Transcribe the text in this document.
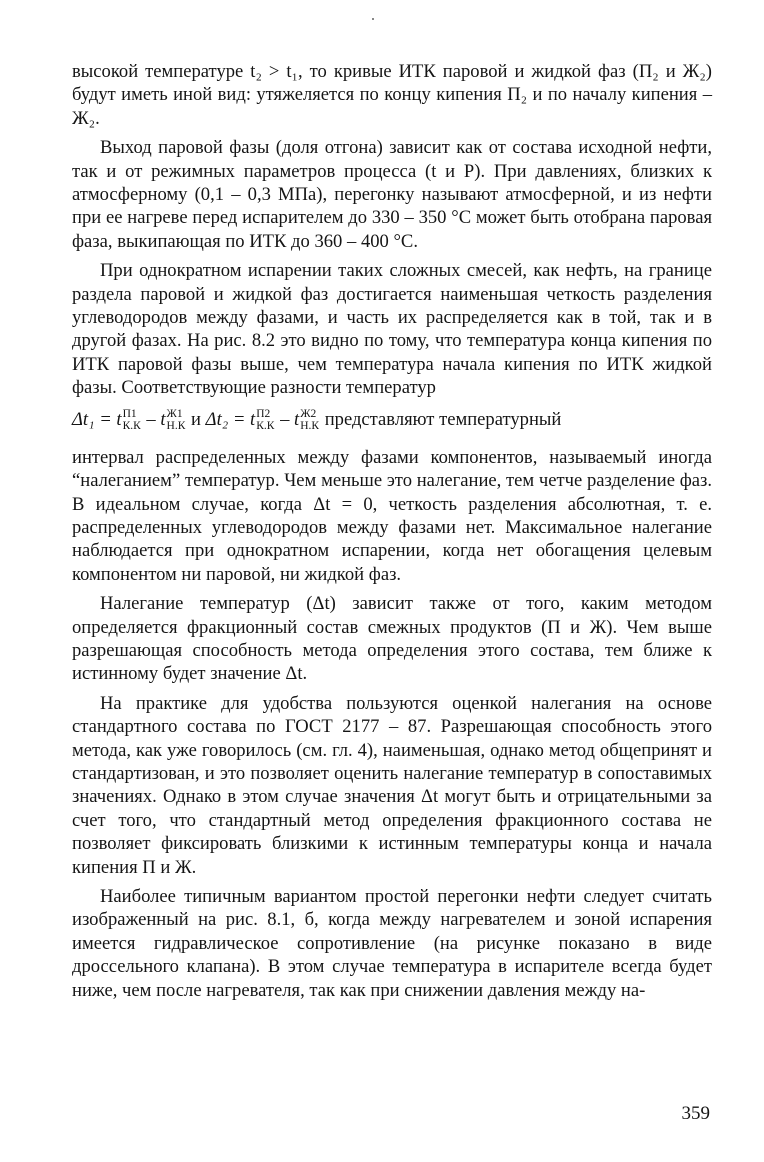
высокой температуре t₂ > t₁, то кривые ИТК паровой и жидкой фаз (П₂ и Ж₂) будут иметь иной вид: утяжеляется по концу кипения П₂ и по началу кипения – Ж₂.

Выход паровой фазы (доля отгона) зависит как от состава исходной нефти, так и от режимных параметров процесса (t и P). При давлениях, близких к атмосферному (0,1 – 0,3 МПа), перегонку называют атмосферной, и из нефти при ее нагреве перед испарителем до 330 – 350 °C может быть отобрана паровая фаза, выкипающая по ИТК до 360 – 400 °C.

При однократном испарении таких сложных смесей, как нефть, на границе раздела паровой и жидкой фаз достигается наименьшая четкость разделения углеводородов между фазами, и часть их распределяется как в той, так и в другой фазах. На рис. 8.2 это видно по тому, что температура конца кипения по ИТК паровой фазы выше, чем температура начала кипения по ИТК жидкой фазы. Соответствующие разности температур

Δt₁ = t П1
К.К – t Ж1
Н.К и Δt₂ = t П2
К.К – t Ж2
Н.К представляют температурный

интервал распределенных между фазами компонентов, называемый иногда “налеганием” температур. Чем меньше это налегание, тем четче разделение фаз. В идеальном случае, когда Δt = 0, четкость разделения абсолютная, т. е. распределенных углеводородов между фазами нет. Максимальное налегание наблюдается при однократном испарении, когда нет обогащения целевым компонентом ни паровой, ни жидкой фаз.

Налегание температур (Δt) зависит также от того, каким методом определяется фракционный состав смежных продуктов (П и Ж). Чем выше разрешающая способность метода определения этого состава, тем ближе к истинному будет значение Δt.

На практике для удобства пользуются оценкой налегания на основе стандартного состава по ГОСТ 2177 – 87. Разрешающая способность этого метода, как уже говорилось (см. гл. 4), наименьшая, однако метод общепринят и стандартизован, и это позволяет оценить налегание температур в сопоставимых значениях. Однако в этом случае значения Δt могут быть и отрицательными за счет того, что стандартный метод определения фракционного состава не позволяет фиксировать близкими к истинным температуры конца и начала кипения П и Ж.

Наиболее типичным вариантом простой перегонки нефти следует считать изображенный на рис. 8.1, б, когда между нагревателем и зоной испарения имеется гидравлическое сопротивление (на рисунке показано в виде дроссельного клапана). В этом случае температура в испарителе всегда будет ниже, чем после нагревателя, так как при снижении давления между на-

359
